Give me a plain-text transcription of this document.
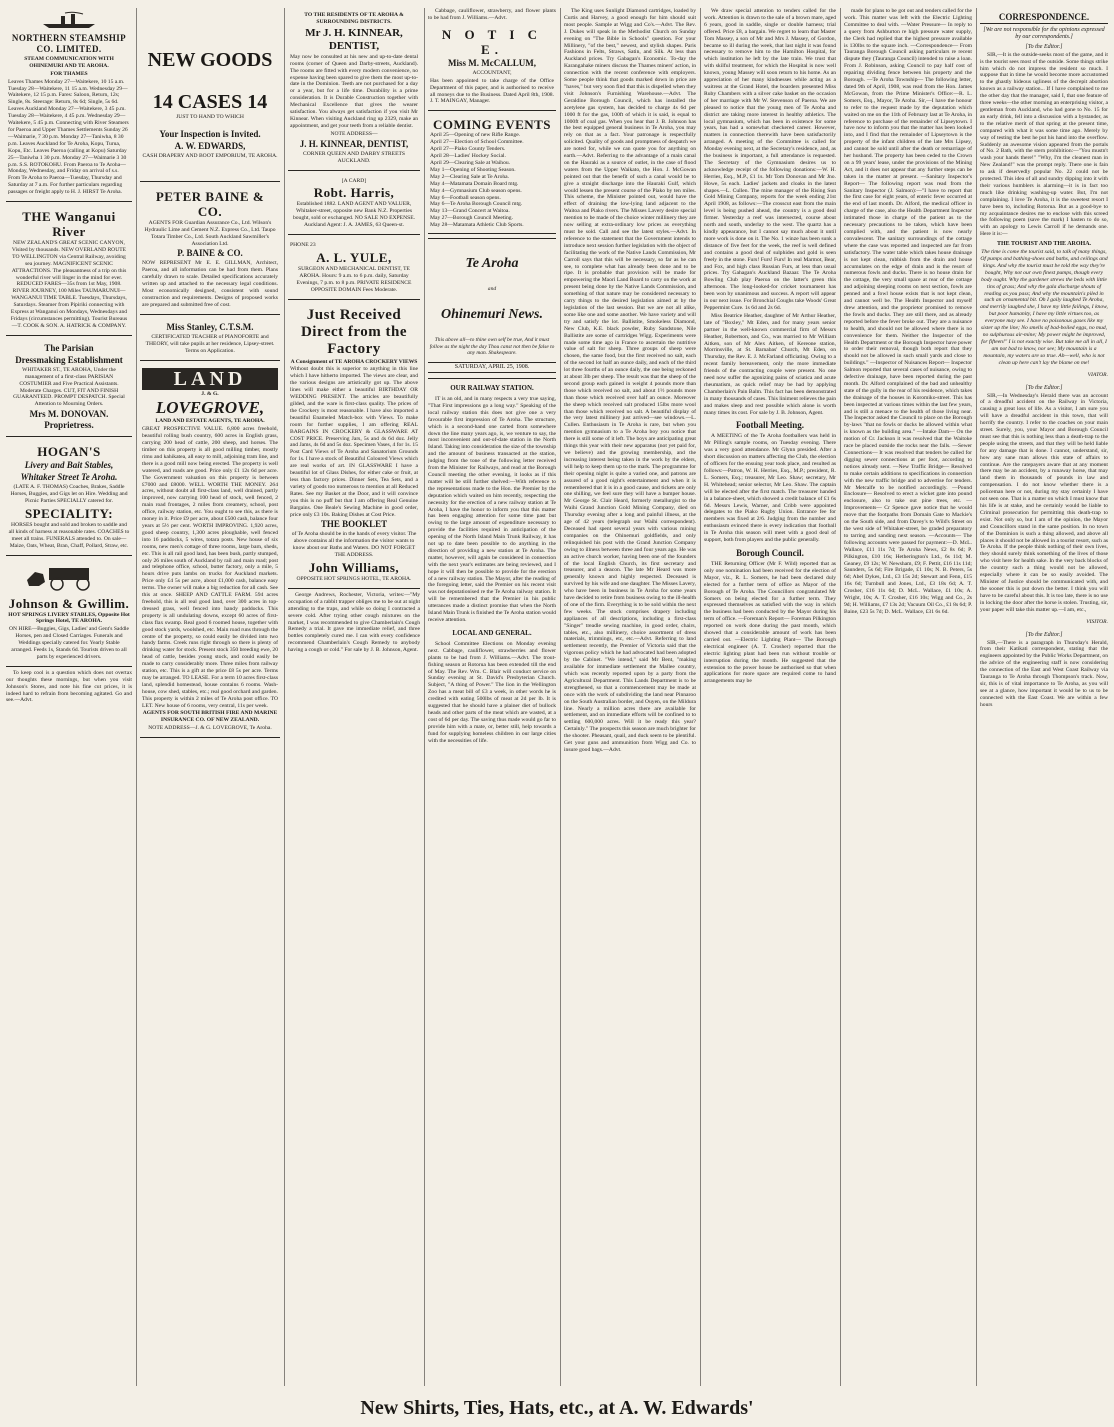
NORTHERN STEAMSHIP CO. LIMITED.

STEAM COMMUNICATION WITH OHINEMURI AND TE AROHA.

FOR THAMES

Leaves Thames Monday 27—Waitekere, 10 15 a.m. Tuesday 28—Waitekere, 11 15 a.m. Wednesday 29—Waitekere, 12 15 p.m. Fares: Saloon, Return, 12s; Single, 8s. Steerage: Return, 8s 6d; Single, 5s 6d. Leaves Auckland Monday 27—Waitekere, 3 45 p.m. Tuesday 28—Waitekere, 4 45 p.m. Wednesday 29—Waitekere, 5 45 p.m. Connecting with River Steamers for Paeroa and Upper Thames Settlements Sunday 26—Waimarie, 7 30 p.m. Monday 27—Taniwha, 8 30 p.m. Leaves Auckland for Te Aroha, Kopu, Turua, Kopu, Etc. Leaves Paeroa (calling at Kopu) Saturday 25—Taniwha 1 30 p.m. Monday 27—Waimarie 3 30 p.m. S.S. ROTOKOHU. From Paeroa to Te Aroha—Monday, Wednesday, and Friday on arrival of s.s. From Te Aroha to Paeroa—Tuesday, Thursday and Saturday at 7 a.m. For further particulars regarding passages or freight apply to H. J. HIRST Te Aroha.

THE Wanganui River

NEW ZEALAND'S GREAT SCENIC CANYON, Visited by thousands. NEW OVERLAND ROUTE TO WELLINGTON via Central Railway, avoiding sea journey. MAGNIFICENT SCENIC ATTRACTIONS. The pleasantness of a trip on this wonderful river will linger in the mind for ever. REDUCED FARES—35s from 1st May, 1908. RIVER JOURNEY, 100 Miles TAUMARUNUI—WANGANUI TIME TABLE. Tuesdays, Thursdays, Saturdays. Steamer from Pipiriki connecting with Express at Wanganui on Mondays, Wednesdays and Fridays (circumstances permitting). Tourist Bureaus—T. COOK & SON. A. HATRICK & COMPANY.

The Parisian

Dressmaking Establishment

WHITAKER ST., TE AROHA, Under the management of a first-class PARISIAN COSTUMIER and Five Practical Assistants. Moderate Charges. CUT, FIT AND FINISH GUARANTEED. PROMPT DESPATCH. Special Attention to Mourning Orders.

Mrs M. DONOVAN. Proprietress.

HOGAN'S

Livery and Bait Stables,

Whitaker Street Te Aroha.

(LATE A. F. THOMAS) Coaches, Brakes, Saddle Horses, Buggies, and Gigs let on Hire. Wedding and Picnic Parties SPECIALLY catered for.

SPECIALITY:

HORSES bought and sold and broken to saddle and all kinds of harness at reasonable rates. COACHES to meet all trains. FUNERALS attended to. On sale—Maize, Oats, Wheat, Bran, Chaff, Pollard, Straw, etc.

Johnson & Gwillim.

HOT SPRINGS LIVERY STABLES, Opposite Hot Springs Hotel, TE AROHA.

ON HIRE—Buggies, Gigs, Ladies' and Gent's Saddle Horses, pen and Closed Carriages. Funerals and Weddings specially catered for. Yearly Stable arranged. Feeds 1s, Stands 6d. Tourists driven to all parts by experienced drivers.

To keep cool is a question which does not overtax our thoughts these mornings, but when you visit Johnson's Stores, and note his fine cut prices, it is indeed hard to refrain from becoming agitated. Go and see.—Advt.

NEW GOODS

14 CASES 14

JUST TO HAND TO WHICH

Your Inspection is Invited.

A. W. EDWARDS,

CASH DRAPERY AND BOOT EMPORIUM, TE AROHA.

PETER BAINE & CO.

AGENTS FOR Guardian Assurance Co., Ltd. Wilson's Hydraulic Lime and Cement N.Z. Express Co., Ltd. Taupo Totara Timber Co., Ltd. South Auckland Sawmiller's Association Ltd.

P. BAINE & CO.

NOW REPRESENT Mr E. E. GILLMAN, Architect, Paeroa, and all information can be had from them. Plans carefully drawn to scale. Detailed specifications accurately written up and attached to the necessary legal conditions. Most economically designed, consistent with sound construction and requirements. Designs of proposed works are prepared and submitted free of cost.

Miss Stanley, C.T.S.M.

CERTIFICATED TEACHER of PIANOFORTE and THEORY, will take pupils at her residence, Lipsey-street. Terms on Application.

LAND

J. & G.

LOVEGROVE,

LAND AND ESTATE AGENTS, TE AROHA.

GREAT PROSPECTIVE VALUE. 6,800 acres freehold, beautiful rolling bush country, 600 acres in English grass, carrying 200 head of cattle, 200 sheep, and horses. The timber on this property is all good milling timber, mostly rimu and kahikatea, all easy to mill, adjoining tram line, and there is a good mill now being erected. The property is well watered, and roads are good. Price only £1 12s 6d per acre. The Government valuation on this property is between £7000 and £8000. WELL WORTH THE MONEY. 264 acres, without doubt all first-class land, well drained, partly improved, now carrying 100 head of stock, well fenced, 2 main road frontages, 2 miles from creamery, school, post office, railway station, etc. You ought to see this, as there is money in it. Price £9 per acre, about £500 cash, balance four years at 5½ per cent. WORTH IMPROVING. 1,920 acres, good sheep country, 1,300 acres ploughable, well fenced into 16 paddocks, 5 wires, totara posts. New house of six rooms, new men's cottage of three rooms, large barn, sheds, etc. This is all rail good land, has been bush, partly stumped, only 26 miles south of Auckland by rail and main road; post and telephone office, school, butter factory, only a mile, 5 hours drive puts lambs on trucks for Auckland markets. Price only £4 5s per acre, about £1,000 cash, balance easy terms. The owner will make a big reduction for all cash. See this at once. SHEEP AND CATTLE FARM. 594 acres freehold, this is all real good land, over 300 acres in top-dressed grass, well fenced into handy paddocks. This property is all undulating downs, except 60 acres of first-class flax swamp. Real good 6 roomed house, together with good stock yards, woolshed, etc. Main road runs through the centre of the property, so could easily be divided into two handy farms. Creek runs right through so there is plenty of drinking water for stock. Present stock 350 breeding ewe, 20 head of cattle, besides young stock, and could easily be made to carry considerably more. Three miles from railway station, etc. This is a gift at the price £8 5s per acre. Terms may be arranged. TO LEASE. For a term 10 acres first-class land, splendid homestead, house contains 6 rooms. Wash-house, cow shed, stables, etc.; real good orchard and garden. This property is within 2 miles of Te Aroha post office. TO LET. New house of 6 rooms, very central, 11s per week.

AGENTS FOR SOUTH BRITISH FIRE AND MARINE INSURANCE CO. OF NEW ZEALAND.

NOTE ADDRESS—J. & G. LOVEGROVE, Te Aroha.

TO THE RESIDENTS OF TE AROHA & SURROUNDING DISTRICTS.

Mr J. H. KINNEAR, DENTIST,

May now be consulted at his new and up-to-date dental rooms (corner of Queen and Darby-streets, Auckland). The rooms are fitted with every modern convenience, no expense having been spared to give them the most up-to-date in the Dominion. Teeth are not purchased for a day or a year, but for a life time. Durability is a prime consideration. It is Durable Construction together with Mechanical Excellence that gives the wearer satisfaction. You always get satisfaction if you visit Mr Kinnear. When visiting Auckland ring up 2329, make an appointment, and get your teeth from a reliable dentist.

NOTE ADDRESS—

J. H. KINNEAR, DENTIST,

CORNER QUEEN AND DARBY STREETS AUCKLAND.

[A CARD]

Robt. Harris,

Established 1882. LAND AGENT AND VALUER, Whitaker-street, opposite new Bank N.Z. Properties bought, sold or exchanged. NO SALE NO EXPENSE. Auckland Agent: J. A. JAMES, 63 Queen-st.

PHONE 23

A. L. YULE,

SURGEON AND MECHANICAL DENTIST, TE AROHA. Hours: 9 a.m. to 6 p.m. daily, Saturday Evenings, 7 p.m. to 8 p.m. PRIVATE RESIDENCE OPPOSITE DOMAIN Fees Moderate.

Just Received Direct from the Factory

A Consignment of TE AROHA CROCKERY VIEWS

Without doubt this is superior to anything in this line which I have hitherto imported. The views are clear, and the various designs are artistically got up. The above lines will make either a beautiful BIRTHDAY OR WEDDING PRESENT. The articles are beautifully gilded, and the ware is first-class quality. The prices of the Crockery is most reasonable. I have also imported a beautiful Enameled Match-box with Views. To make room for further supplies, I am offering REAL BARGAINS IN CROCKERY & GLASSWARE AT COST PRICE. Preserving Jars, 5s and 4s 6d doz. Jelly and Jams, 4s 6d and 5s doz. Specimen Vases, 4 for 1s. 15 Post Card Views of Te Aroha and Sanatorium Grounds for 1s. I have a stock of Beautiful Coloured Views which are real works of art. IN GLASSWARE I have a beautiful lot of Glass Dishes, for either cake or fruit, at less than factory prices. Dinner Sets, Tea Sets, and a variety of goods too numerous to mention at all Reduced Rates. See my Basket at the Door, and it will convince you this is no puff but that I am offering Real Genuine Bargains. One Beale's Sewing Machine in good order, price only £3 10s. Baking Dishes at Cost Price.

THE BOOKLET

of Te Aroha should be in the hands of every visitor. The above contains all the information the visitor wants to know about our Baths and Waters. DO NOT FORGET THE ADDRESS.

John Williams,

OPPOSITE HOT SPRINGS HOTEL, TE AROHA.

George Andrews, Rochester, Victoria, writes:—"My occupation of a rabbit trapper obliges me to be out at night attending to the traps, and while so doing I contracted a severe cold. After trying other cough mixtures on the market, I was recommended to give Chamberlain's Cough Remedy a trial. It gave me immediate relief, and three bottles completely cured me. I can with every confidence recommend Chamberlain's Cough Remedy to anybody having a cough or cold." For sale by J. B. Johnson, Agent.

Cabbage, cauliflower, strawberry, and flower plants to be had from J. Williams.—Advt.

N O T I C E.

Miss M. McCALLUM,

ACCOUNTANT,

Has been appointed to take charge of the Office Department of this paper, and is authorised to receive all moneys due to the Business. Dated April 8th, 1908. J. T. MAINGAY, Manager.

COMING EVENTS

April 25—Opening of new Rifle Range.

April 27—Election of School Committee.

April 27—Piako County Tenders.

April 28—Ladies' Hockey Social.

April 29—Clearing Sale at Waihou.

May 1—Opening of Shooting Season.

May 2—Clearing Sale at Te Aroha.

May 4—Matamata Domain Board mtg.

May 4—Gymnasium Club season opens.

May 6—Football season opens.

May 6—Te Aroha Borough Council mtg.

May 13—Grand Concert at Waitoa.

May 27—Borough Council Meeting.

May 28—Matamata Athletic Club Sports.

Te Aroha

and

Ohinemuri News.

This above all—to thine own self be true, And it must follow as the night the day Thou canst not then be false to any man. Shakespeare.

SATURDAY, APRIL 25, 1908.

OUR RAILWAY STATION.

IT is an old, and in many respects a very true saying, "That First impressions go a long way." Speaking of the local railway station this does not give one a very favourable first impression of Te Aroha. The structure, which is a second-hand one carted from somewhere down the line many years ago, is, we venture to say, the most inconvenient and out-of-date station in the North Island. Taking into consideration the size of the township and the amount of business transacted at the station, judging from the tone of the following letter received from the Minister for Railways, and read at the Borough Council meeting the other evening, it looks as if this matter will be still further shelved:—With reference to the representations made to the Hon. the Premier by the deputation which waited on him recently, respecting the necessity for the erection of a new railway station at Te Aroha, I have the honor to inform you that this matter has been engaging attention for some time past but owing to the large amount of expenditure necessary to provide the facilities required in anticipation of the opening of the North Island Main Trunk Railway, it has not up to date been possible to do anything in the direction of providing a new station at Te Aroha. The matter, however, will again be considered in connection with the next year's estimates are being reviewed, and I hope it will then be possible to provide for the erection of a new railway station. The Mayor, after the reading of the foregoing letter, said the Premier on his recent visit was not deputationised re the Te Aroha railway station. It will be remembered that the Premier in his public utterances made a distinct promise that when the North Island Main Trunk is finished the Te Aroha station would receive attention.

LOCAL AND GENERAL.

School Committee Elections on Monday evening next. Cabbage, cauliflower, strawberries and flower plants to be had from J. Williams.—Advt. The trout-fishing season at Rotorua has been extended till the end of May. The Rev. Wm. C. Blair will conduct service on Sunday evening at St. David's Presbyterian Church. Subject, "A thing of Power." The lion in the Wellington Zoo has a meat bill of £3 a week, in other words he is credited with eating 500lbs of meat at 2d per lb. It is suggested that he should have a plainer diet of bullock heads and other parts of the meat which are wasted, at a cost of 6d per day. The saving thus made would go far to provide him with a mate, or, better still, help towards a fund for supplying homeless children in our large cities with the necessities of life.

The King uses Sunlight Diamond cartridges, loaded by Curtis and Harvey, a good enough for him should suit most people. Sample at Wigg and Co's.—Advt. The Rev. J. Dukes will speak in the Methodist Church on Sunday evening on "The Bible in Schools" question. For your Millinery, "of the best," newest, and stylish shapes. Paris Fashions in Felts, Straws, Satin, and Silk. At less than Auckland prices. Try Gabagan's Economic. To-day the Karangahake miners discuss the Thames miners' action, in connection with the recent conference with employers. Some people think that goods marked down in price are "haves," but very soon find that this is dispelled when they visit Johnson's Furnishing Warehouse.—Advt. The Geraldine Borough Council, which has installed the acetylene gas system, has decided to charge 4s 6d per 1000 ft for the gas, 100ft of which it is said, is equal to 1000ft of coal gas. When you hear that J. B. Johnson has the best equipped general business in Te Aroha, you may rely on that as a fact. Your patronage is respectfully solicited. Quality of goods and promptness of despatch we are noted for, while we can quote you for anything on earth.—Advt. Referring to the advantage of a main canal on the Hauraki as a source of outlet, in the case of flood waters from the Upper Waikato, the Hon. J. McGowan pointed out that the benefit of such a canal would be to give a straight discharge into the Hauraki Gulf, which would lessen the present course of the Piako by ten miles. This scheme, the Minister pointed out, would have the effect of draining the low-lying land adjacent to the Waitoa and Piako rivers. The Misses Lavery desire special mention to be made of the choice winter millinery they are now selling at extra-ordinary low prices as everything must be sold. Call and see the latest styles.—Advt. In reference to the statement that the Government intends to introduce next session further legislation with the object of facilitating the work of the Native Lands Commission, Mr Carroll says that this will be necessary, so far as he can see, to complete what has already been done and to be ripe. It is probable that provision will be made for empowering the Maori Land Board to carry on the work at present being done by the Native Lands Commission, and something of that nature may be considered necessary to carry things to the desired legislation aimed at by the legislation of the last session. But we are not all alike, some like one and some another. We have variety and will try and satisfy the lot. Ballistite, Smokeless Diamond, New Club, K.E. black powder, Ruby Sandstone, Nile Ballistite are some of cartridges Wigg. Experiments were made some time ago in France to ascertain the nutritive value of salt for sheep. Three groups of sheep were chosen, the same food, but the first received no salt, each of the second lot half an ounce daily, and each of the third lot three fourths of an ounce daily, the one being reckoned at about 3lb per sheep. The result was that the sheep of the second group each gained in weight 4 pounds more than those which received no salt, and about 1½ pounds more than those which received over half an ounce. Moreover the sheep which received salt produced 15lbs more wool than those which received no salt. A beautiful display of the very latest millinery just arrived—see windows.—L. Cullen. Enthusiasm in Te Aroha is rare, but when you mention gymnasium to a Te Aroha boy you notice that there is still some of it left. The boys are anticipating great things this year with their new apparatus (not yet paid for, we believe) and the growing membership, and the increasing interest being taken in the work by the elders, will help to keep them up to the mark. The programme for their opening night is quite a varied one, and patrons are assured of a good night's entertainment and when it is remembered that it is in a good cause, and tickets are only one shilling, we feel sure they will have a bumper house. Mr George St. Clair Heard, formerly metallurgist to the Waihi Grand Junction Gold Mining Company, died on Thursday evening after a long and painful illness, at the age of 42 years (telegraph our Waihi correspondent). Deceased had spent several years with various mining companies on the Ohinemuri goldfields, and only relinquished his post with the Grand Junction Company owing to illness between three and four years ago. He was an active church worker, having been one of the founders of the local English Church, its first secretary and treasurer, and a deacon. The late Mr Heard was more generally known and highly respected. Deceased is survived by his wife and one daughter. The Misses Lavery, who have been in business in Te Aroha for some years have decided to retire from business owing to the ill-health of one of the firm. Everything is to be sold within the next few weeks. The stock comprises drapery including appliances of all descriptions, including a first-class "Singer" treadle sewing machine, in good order, chairs, tables, etc., also millinery, choice assortment of dress materials, trimmings, etc, etc.—Advt. Referring to land settlement recently, the Premier of Victoria said that the vigorous policy which he had advocated had been adopted by the Cabinet. "We intend," said Mr Bent, "making available for immediate settlement the Mallee country, which was recently reported upon by a party from the Agricultural Department. This Lands Department is to be strengthened, so that a commencement may be made at once with the work of subdividing the land near Pinnaroo on the South Australian border, and Ouyen, on the Mildura line. Nearly a million acres there are available for settlement, and on immediate efforts will be confined to to settling 600,000 acres. Will it be ready this year? Certainly." The prospects this season are much brighter for the shooter. Pheasant, quail, and duck seem to be plentiful. Get your guns and ammunition from Wigg and Co. to insure good bags.—Advt.

We draw special attention to tenders called for the work. Attention is drawn to the sale of a brown mare, aged 6 years, good in saddle, single or double harness; trial offered. Price £8, a bargain. We regret to learn that Master Tom Massey, a son of Mr and Mrs J. Massey, of Gordon, became so ill during the week, that last night it was found necessary to remove him to the Hamilton Hospital, for which institution he left by the late train. We trust that with skilful treatment, for which the Hospital is now well known, young Massey will soon return to his home. As an appreciation of her many kindnesses while acting as a waitress at the Grand Hotel, the boarders presented Miss Ruby Chambers with a silver cake basket on the occasion of her marriage with Mr W. Stevenson of Paeroa. We are pleased to notice that the young men of Te Aroha and district are taking more interest in healthy athletics. The local gymnasium, which has been in existence for some years, has had a somewhat checkered career. However, matters in connection therewith have been satisfactorily arranged. A meeting of the Committee is called for Monday evening next, at the Secretary's residence, and, as the business is important, a full attendance is requested. The Secretary of the Gymnasium desires us to acknowledge receipt of the following donations:—W. H. Herries, Esq., M.P., £1 1s. Mr Tom Donovan and Mr Jno. Howe, 5s each. Ladies' jackets and cloaks in the latest shapes.—L. Cullen. The mine manager of the Rising Sun Gold Mining Company, reports for the week ending 21st April 1908, as follows:—The crosscut east from the main level is being pushed ahead, the country is a good deal firmer. Yesterday a reef was intersected, course about north and south, underlay to the west. The quartz has a kindly appearance, but I cannot say much about it until more work is done on it. The No. 1 winze has been sunk a distance of five feet for the week, the reef is well defined and contains a good deal of sulphides and gold is seen freely in the stone. Furs! Furs! Furs! In real Marmot, Bear, and Fox, and high class Russian Furs, at less than usual prices. Try Gahagan's Auckland Bazaar. The Te Aroha Bowling Club play Paeroa on the latter's green this afternoon. The long-looked-for cricket tournament has been won by unanimous and success. A report will appear in our next issue. For Bronchial Coughs take Woods' Great Peppermint Cure. 1s 6d and 2s 6d.

Miss Beatrice Heather, daughter of Mr Arthur Heather, late of "Boxley," Mt Eden, and for many years senior partner in the well-known commercial firm of Messrs Heather, Robertson, and Co., was married to Mr William Aitken, son of Mr Alex Aitken, of Kereone station, Morrinsville, at St. Barnabas' Church, Mt Eden, on Thursday, the Rev. E. J. McFarland officiating. Owing to a recent family bereavement, only the more immediate friends of the contracting couple were present. No one need now suffer the agonizing pains of sciatica and acute rheumatism, as quick relief may be had by applying Chamberlain's Pain Balm. This fact has been demonstrated in many thousands of cases. This liniment relieves the pain and makes sleep and rest possible which alone is worth many times its cost. For sale by J. B. Johnson, Agent.

Football Meeting.

A MEETING of the Te Aroha footballers was held in Mr Pilling's sample rooms, on Tuesday evening. There was a very good attendance. Mr Glynn presided. After a short discussion on matters affecting the Club, the election of officers for the ensuing year took place, and resulted as follows:—Patron, W. H. Herries, Esq., M.P.; president, R. L. Somers, Esq.; treasurer, Mr Leo. Shaw; secretary, Mr H. Whitehead; senior selector, Mr Leo. Shaw. The captain will be elected after the first match. The treasurer handed in a balance-sheet, which showed a credit balance of £1 6s 6d. Messrs Lewis, Warner, and Cribb were appointed delegates to the Piako Rugby Union. Entrance fee for members was fixed at 2/6. Judging from the number and enthusiasm evinced there is every indication that football in Te Aroha this season will meet with a good deal of support, both from players and the public generally.

Borough Council.

THE Returning Officer (Mr F. Wild) reported that as only one nomination had been received for the election of Mayor, viz., R. L. Somers, he had been declared duly elected for a further term of office as Mayor of the Borough of Te Aroha. The Councillors congratulated Mr Somers on being elected for a further term. They expressed themselves as satisfied with the way in which the business had been conducted by the Mayor during his term of office. —Foreman's Report— Foreman Pilkington reported on work done during the past month, which showed that a considerable amount of work has been carried out. —Electric Lighting Plant— The Borough electrical engineer (A. T. Crosher) reported that the electric lighting plant had been run without trouble or interruption during the month. He suggested that the extension to the power house be authorised so that when applications for more space are required come to hand arrangements may be

made for plans to be got out and tenders called for the work. This matter was left with the Electric Lighting Committee to deal with. —Water Pressure— In reply to a query from Ashburton re high pressure water supply, the Clerk had replied that the highest pressure available is 130lbs to the square inch. —Correspondence— From Tauranga Borough Council asking particulars re recent dispute they (Tauranga Council) intended to raise a loan. From J. Robinson, asking Council to pay half cost of repairing dividing fence between his property and the Borough. —Te Aroha Township— The following letter, dated 9th of April, 1908, was read from the Hon. James McGowan, from the Prime Minister's Office:—R. L. Somers, Esq., Mayor, Te Aroha. Sir,—I have the honour to refer to the request made by the deputation which waited on me on the 11th of February last at Te Aroha, in reference to purchase of the remainder of Lipseytown. I have now to inform you that the matter has been looked into, and I find that the remainder of Lipseytown is the property of the infant children of the late Mrs Lipsey, and cannot be sold until after the death or remarriage of her husband. The property has been ceded to the Crown on a 99 years' lease, under the provisions of the Mining Act, and it does not appear that any further steps can be taken in the matter at present. —Sanitary Inspector's Report— The following report was read from the Sanitary Inspector (J. Salmon):—"I have to report that the first case for eight years, of enteric fever occurred at the end of last month. Dr. Alford, the medical officer in charge of the case, also the Health Department Inspector intimated those in charge of the patient as to the necessary precautions to be taken, which have been complied with, and the patient is now nearly convalescent. The sanitary surroundings of the cottage where the case was reported and inspected are far from satisfactory. The water table which takes house drainage is not kept clean, rubbish from the drain and house accumulates on the edge of drain and is the resort of numerous fowls and ducks. There is no house drain for the cottage, the very small space at rear of the cottage and adjoining sleeping rooms on next section, fowls are penned and a fowl house exists that is not kept clean, and cannot well be. The Health Inspector and myself drew attention, and the proprietor promised to remove the fowls and ducks. They are still there, and as already reported before the fever broke out. They are a nuisance to health, and should not be allowed where there is no convenience for them. Neither the Inspector of the Health Department or the Borough Inspector have power to order their removal, though both report that they should not be allowed in such small yards and close to buildings." —Inspector of Nuisances Report— Inspector Salmon reported that several cases of nuisance, owing to defective drainage, have been reported during the past month. Dr. Alford complained of the bad and unhealthy state of the gully in the rear of his residence, which takes the drainage of the houses in Koromiko-street. This has been inspected at various times within the last few years, and is still a menace to the health of those living near. The Inspector asked the Council to place on the Borough by-laws "that no fowls or ducks be allowed within what is known as the building area." —Intake Dam— On the motion of Cr. Jackson it was resolved that the Waitoke race be placed outside the rocks near the falls. —Sewer Connections— It was resolved that tenders be called for digging sewer connections at per foot, according to notices already sent. —New Traffic Bridge— Resolved to make certain additions to specifications in connection with the new traffic bridge and to advertise for tenders. Mr Metcalfe to be notified accordingly. —Pound Enclosure— Resolved to erect a wicket gate into pound enclosure, also to take out pine trees, etc. —Improvements— Cr Spence gave notice that he would move that the footpaths from Domain Gate to Mackie's on the South side, and from Davey's to Wild's Street on the west side of Whitaker-street, be graded preparatory to tarring and sanding next season. —Accounts— The following accounts were passed for payment:—D. McL. Wallace, £11 11s 7d; Te Aroha News, £2 8s 6d; P. Pilkington, £10 16s; Hetherington's Ltd., 6s 11d; M. Geaney, £9 12s; W. Newsham, £9; F. Pettit, £16 11s 11d; Saunders, 5s 6d; Fire Brigade, £1 10s; N. B. Peters, 5s 6d; Abel Dykes, Ltd., £3 15s 2d; Stewart and Fenn, £15 16s 6d; Turnbull and Jones, Ltd., £3 18s 6d; A. T. Crosher, £16 11s 6d; D. McL. Wallace, £1 10s; A. Wright, 10s; A. T. Crosher, £16 10s; Wigg and Co., 2s 9d; H. Williams, £7 13s 2d; Vacuum Oil Co., £1 8s 6d; P. Baine, £23 5s 7d; D. McL. Wallace, £31 6s 6d.

CORRESPONDENCE.

[We are not responsible for the opinions expressed by our correspondents.]

[To the Editor.]

SIR,—It is the outside-seeks most of the game, and it is the tourist sees most of the outside. Some things strike him which do not impress the resident so much. I suppose that in time he would become more accustomed to the ghastly hideous ugliness of the decrepit abortion known as a railway station... If I have complained to me the other day that the manager, said I, that one feature of three weeks—the other morning an enterprising visitor, a gentleman from Auckland, who had gone to No. 15 for an early drink, fell into a discussion with a bystander, as to the relative merit of that spring at the present time, compared with what it was some time ago. Merely by way of testing the best he put his hand into the overflow. Suddenly an awesome vision appeared from the portals of No. 2 Bath, with the stern prohibition:—"You mustn't wash your hands there!" "Why, I'm the cleanest man in New Zealand!" was the prompt reply. There one is fain to ask if deservedly popular No. 22 could not be protected. This idea of all and sundry dipping into it with their various humblers is alarming—it is in fact too much like drinking washing-up water. But, I'm not complaining. I love Te Aroha, it is the sweetest resort I have been to, including Rotorua. But as a good-bye to my acquaintance desires me to enclose with this screed the following poem (save the mark) I hasten to do so, with an apology to Lewis Carroll if he demands one. Here it is:—

THE TOURIST AND THE AROHA.

The time is come the tourist said, to talk of many things, Of pumps and bathing-shoes and baths, and ceilings and kings. And why the tourist must be told the way they're bought, Why not our own finest pumps, though every body ought. Why the gardener strews the beds with little tins of grass; And why the gala discharge shouts of reading as you pass; And why the mountain's piled in such an ornamental bit. Oh I gaily laughed Te Aroha, and merrily laughed she, I have my little failings, I know, but poor humanity, I have my little virtues too, as everyone may see. I have no poisonous gases like my sister up the line; No smells of bad-boiled eggs, no mud, no sulphurous air-mine; My power might be improved, for fifteen!" I is not exactly wise. But take me all in all, I am not bad to know, nor see; My mountain is a mountain, my waters are so true. Ah—well, who is not clean up here can't lay the blame on me!

VIATOR.

[To the Editor.]

SIR,—In Wednesday's Herald there was an account of a dreadful accident on the Railway in Victoria, causing a great loss of life. As a visitor, I am sure you will have a dreadful accident in this town, that will horrify the country. I refer to the coaches on your main street. Surely, you, your Mayor and Borough Council must see that this is nothing less than a death-trap to the people using the streets, and that they will be held liable for any damage that is done. I cannot, understand, sir, how any sane man allows this state of affairs to continue. Are the ratepayers aware that at any moment there may be an accident, by a runaway horse, that may land them in thousands of pounds in law and compensation. I do not know whether there is a policeman here or not, during my stay certainly I have not seen one. That is a matter on which I must know that his life is at stake, and he certainly would be liable to Criminal prosecution for permitting this death-trap to exist. Not only so, but I am of the opinion, the Mayor and Councillors stand in the same position. In no town of the Dominion is such a thing allowed, and above all places it should not be allowed in a tourist resort, such as Te Aroha. If the people think nothing of their own lives, they should surely think something of the lives of those who visit here for health sake. In the very back blocks of the country such a thing would not be allowed, especially where it can be so easily avoided. The Minister of Justice should be communicated with, and the sooner this is put down the better. I think you will have to be careful about this. It is too late, there is no use in locking the door after the horse is stolen. Trusting, sir, your paper will take this matter up.—I am, etc.,

VISITOR.

[To the Editor.]

SIR,—There is a paragraph in Thursday's Herald, from their Katikati correspondent, stating that the engineers appointed by the Public Works Department, on the advice of the engineering staff is now considering the connection of the East and West Coast Railway via Tauranga to Te Aroha through Thompson's track. Now, sir, this is of vital importance to Te Aroha, as you will see at a glance, how important it would be to us to be connected with the East Coast. We are within a few hours

New Shirts, Ties, Hats, etc., at A. W. Edwards'
